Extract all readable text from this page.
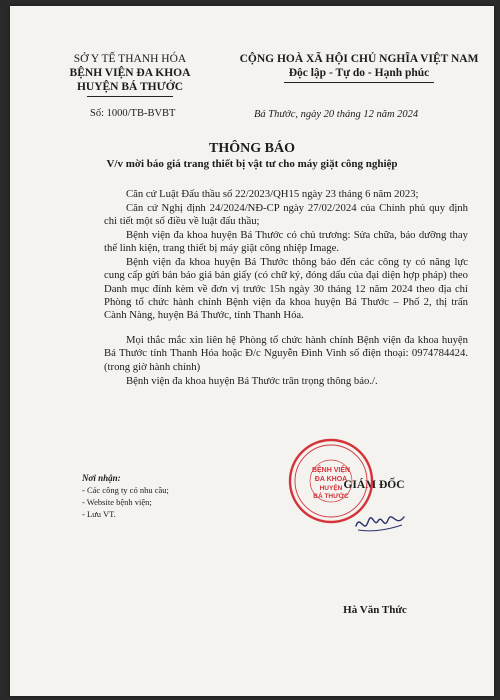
SỞ Y TẾ THANH HÓA
BỆNH VIỆN ĐA KHOA
HUYỆN BÁ THƯỚC
CỘNG HOÀ XÃ HỘI CHỦ NGHĨA VIỆT NAM
Độc lập - Tự do - Hạnh phúc
Số: 1000/TB-BVBT	Bá Thước, ngày 20 tháng 12 năm 2024
THÔNG BÁO
V/v mời báo giá trang thiết bị vật tư cho máy giặt công nghiệp
Căn cứ Luật Đấu thầu số 22/2023/QH15 ngày 23 tháng 6 năm 2023;
Căn cứ Nghị định 24/2024/NĐ-CP ngày 27/02/2024 của Chính phủ quy định chi tiết một số điều về luật đấu thầu;
Bệnh viện đa khoa huyện Bá Thước có chủ trương: Sửa chữa, bảo dưỡng thay thế linh kiện, trang thiết bị máy giặt công nhiệp Image.
Bệnh viện đa khoa huyện Bá Thước thông báo đến các công ty có năng lực cung cấp gửi bản báo giá bản giấy (có chữ ký, đóng dấu của đại diện hợp pháp) theo Danh mục đính kèm về đơn vị trước 15h ngày 30 tháng 12 năm 2024 theo địa chỉ Phòng tổ chức hành chính Bệnh viện đa khoa huyện Bá Thước – Phố 2, thị trấn Cành Nàng, huyện Bá Thước, tỉnh Thanh Hóa.
Mọi thắc mắc xin liên hệ Phòng tổ chức hành chính Bệnh viện đa khoa huyện Bá Thước tỉnh Thanh Hóa hoặc Đ/c Nguyễn Đình Vinh số điện thoại: 0974784424. (trong giờ hành chính)
Bệnh viện đa khoa huyện Bá Thước trân trọng thông báo./.
Nơi nhận:
- Các công ty có nhu cầu;
- Website bệnh viện;
- Lưu VT.
GIÁM ĐỐC
BỆNH VIỆN
ĐA KHOA
HUYỆN
BÁ THƯỚC
Hà Văn Thức
